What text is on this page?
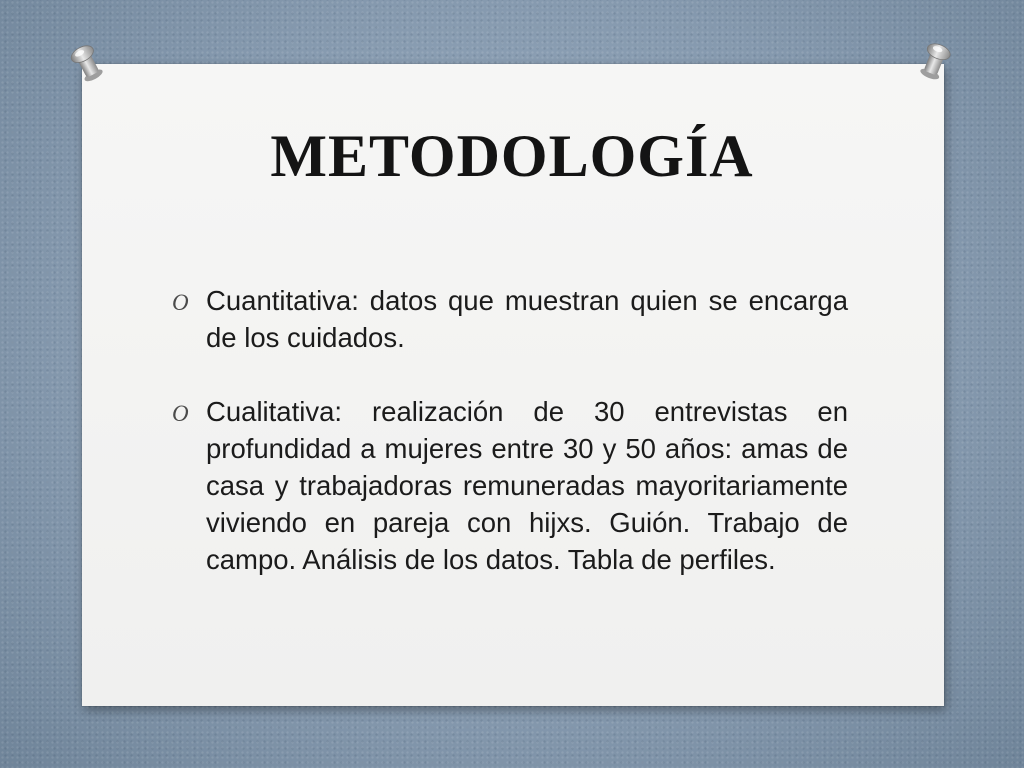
METODOLOGÍA
O Cuantitativa: datos que muestran quien se encarga de los cuidados.
O Cualitativa: realización de 30 entrevistas en profundidad a mujeres entre 30 y 50 años: amas de casa y trabajadoras remuneradas mayoritariamente viviendo en pareja con hijxs. Guión. Trabajo de campo. Análisis de los datos. Tabla de perfiles.
